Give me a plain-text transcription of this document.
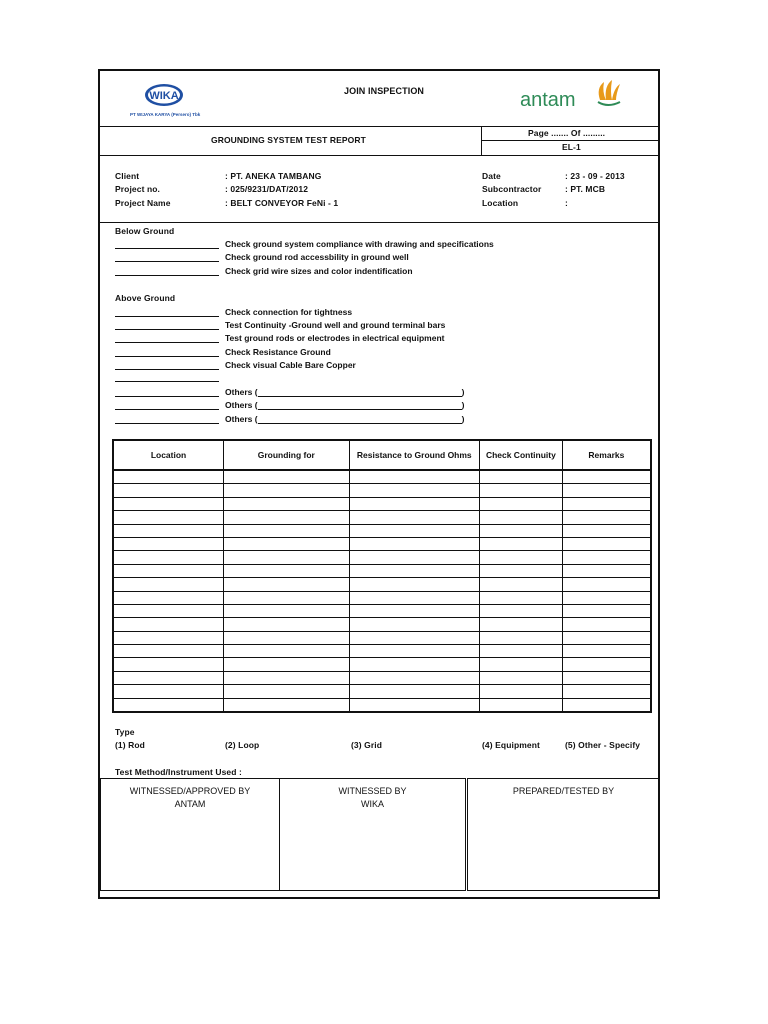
WIKA
PT WIJAYA KARYA (Persero) Tbk
antam
JOIN INSPECTION
GROUNDING SYSTEM TEST REPORT
Page ....... Of .........
EL-1
Client	: PT. ANEKA TAMBANG
Project no.	: 025/9231/DAT/2012
Project Name	: BELT CONVEYOR FeNi - 1
Date	: 23 - 09 - 2013
Subcontractor	: PT. MCB
Location	:
Below Ground
Check ground system compliance with drawing and specifications
Check ground rod accessbility in ground well
Check grid wire sizes and color indentification
Above Ground
Check connection for tightness
Test Continuity -Ground well and ground terminal bars
Test ground rods or electrodes in electrical equipment
Check Resistance Ground
Check visual Cable Bare Copper
Others (	)
Others (	)
Others (	)
Location	Grounding for	Resistance to Ground Ohms	Check Continuity	Remarks

Type
(1) Rod	(2) Loop	(3) Grid	(4) Equipment	(5) Other - Specify
Test Method/Instrument Used :
WITNESSED/APPROVED BY
ANTAM
WITNESSED BY
WIKA
PREPARED/TESTED BY
